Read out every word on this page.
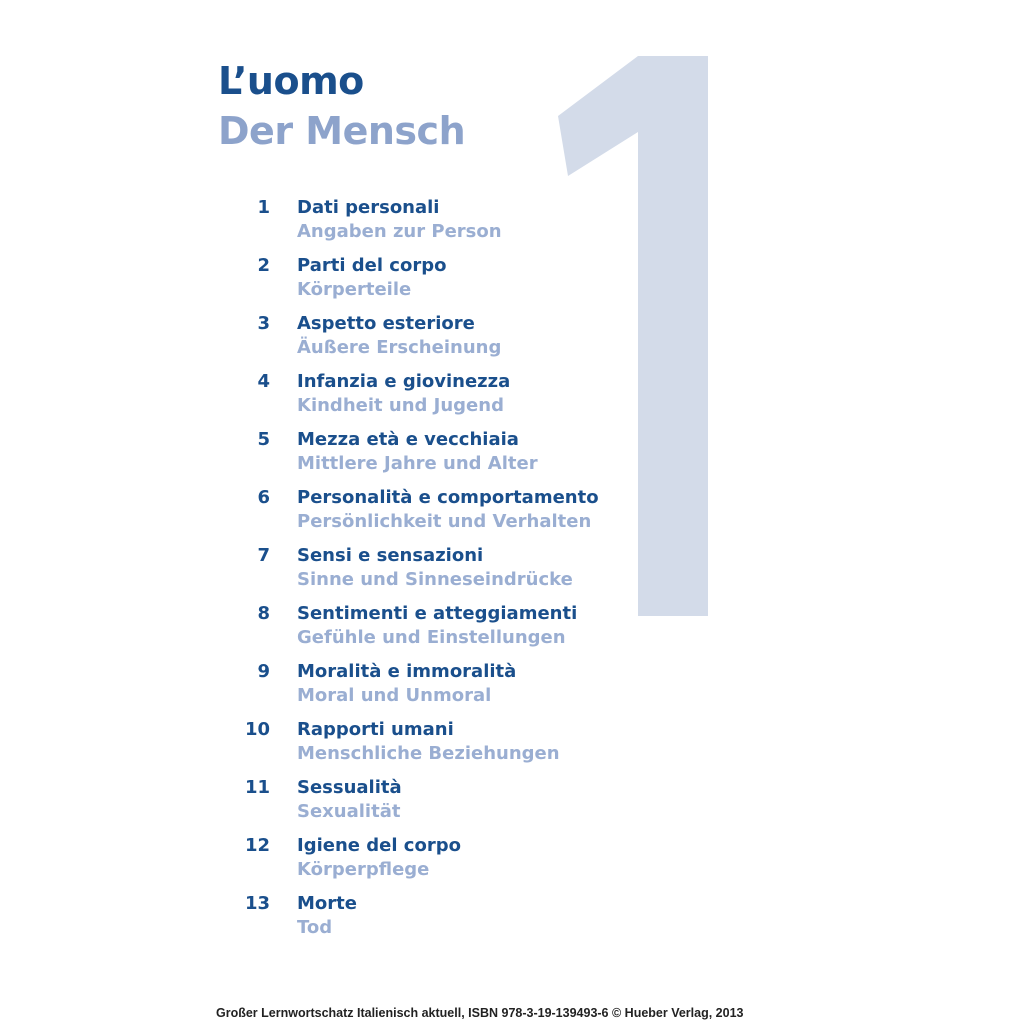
L’uomo
Der Mensch
1 Dati personali
Angaben zur Person
2 Parti del corpo
Körperteile
3 Aspetto esteriore
Äußere Erscheinung
4 Infanzia e giovinezza
Kindheit und Jugend
5 Mezza età e vecchiaia
Mittlere Jahre und Alter
6 Personalità e comportamento
Persönlichkeit und Verhalten
7 Sensi e sensazioni
Sinne und Sinneseindrücke
8 Sentimenti e atteggiamenti
Gefühle und Einstellungen
9 Moralità e immoralità
Moral und Unmoral
10 Rapporti umani
Menschliche Beziehungen
11 Sessualità
Sexualität
12 Igiene del corpo
Körperpflege
13 Morte
Tod
Großer Lernwortschatz Italienisch aktuell, ISBN 978-3-19-139493-6 © Hueber Verlag, 2013
